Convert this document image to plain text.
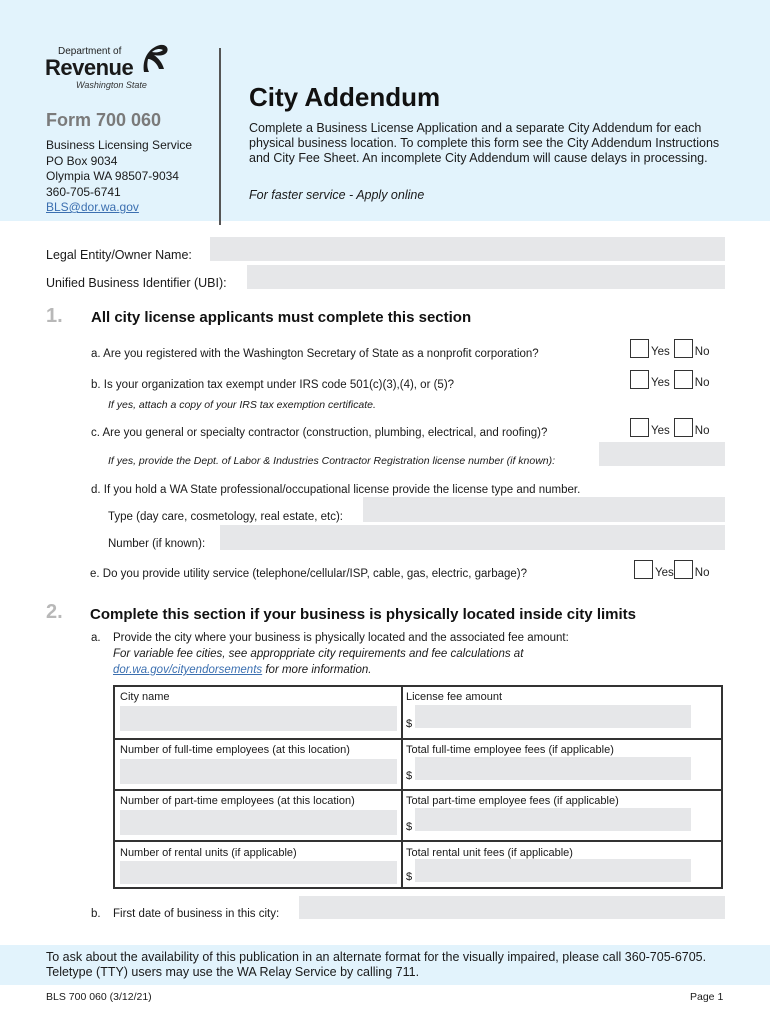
Department of
Revenue
Washington State
Form 700 060
Business Licensing Service
PO Box 9034
Olympia WA 98507-9034
360-705-6741
BLS@dor.wa.gov
City Addendum
Complete a Business License Application and a separate City Addendum for each physical business location. To complete this form see the City Addendum Instructions and City Fee Sheet. An incomplete City Addendum will cause delays in processing.
For faster service - Apply online
Legal Entity/Owner Name:
Unified Business Identifier (UBI):
1. All city license applicants must complete this section
a. Are you registered with the Washington Secretary of State as a nonprofit corporation?	Yes No
b. Is your organization tax exempt under IRS code 501(c)(3),(4), or (5)?
If yes, attach a copy of your IRS tax exemption certificate.
Yes No
c. Are you general or specialty contractor (construction, plumbing, electrical, and roofing)?	Yes No
If yes, provide the Dept. of Labor & Industries Contractor Registration license number (if known):
d. If you hold a WA State professional/occupational license provide the license type and number.
Type (day care, cosmetology, real estate, etc):
Number (if known):
e. Do you provide utility service (telephone/cellular/ISP, cable, gas, electric, garbage)?	Yes No
2. Complete this section if your business is physically located inside city limits
a. Provide the city where your business is physically located and the associated fee amount:
For variable fee cities, see approppriate city requirements and fee calculations at
dor.wa.gov/cityendorsements for more information.
City name	License fee amount
$
Number of full-time employees (at this location)	Total full-time employee fees (if applicable)
$
Number of part-time employees (at this location)	Total part-time employee fees (if applicable)
$
Number of rental units (if applicable)	Total rental unit fees (if applicable)
$
b. First date of business in this city:
To ask about the availability of this publication in an alternate format for the visually impaired, please call 360-705-6705. Teletype (TTY) users may use the WA Relay Service by calling 711.
BLS 700 060 (3/12/21)	Page 1
